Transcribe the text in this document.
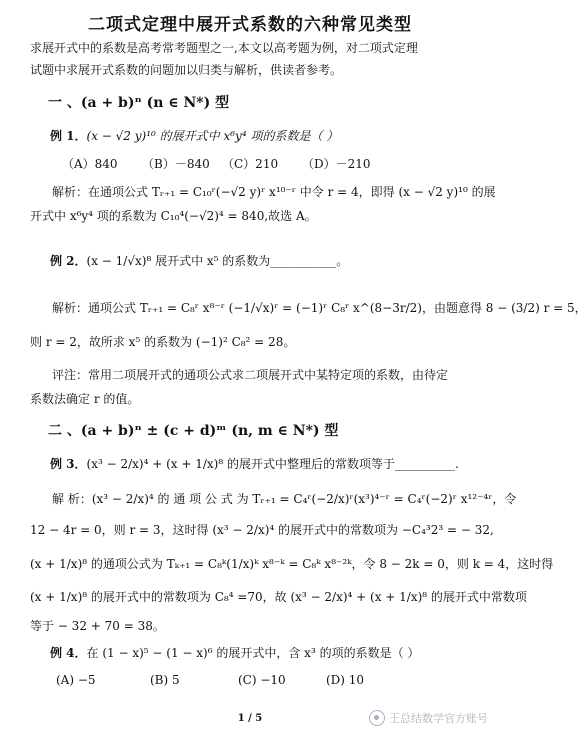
二项式定理中展开式系数的六种常见类型
求展开式中的系数是高考常考题型之一,本文以高考题为例，对二项式定理
试题中求展开式系数的问题加以归类与解析，供读者参考。
一 、(a + b)ⁿ (n ∈ N*) 型
例 1．(x − √2 y)¹⁰ 的展开式中 x⁶y⁴ 项的系数是（ ）
（A）840 （B）－840 （C）210 （D）－210
解析：在通项公式 Tᵣ₊₁ = C₁₀ʳ(−√2 y)ʳ x¹⁰⁻ʳ 中令 r = 4，即得 (x − √2 y)¹⁰ 的展
开式中 x⁶y⁴ 项的系数为 C₁₀⁴(−√2)⁴ = 840,故选 A。
例 2．(x − 1/√x)⁸ 展开式中 x⁵ 的系数为___________。
解析：通项公式 Tᵣ₊₁ = C₈ʳ x⁸⁻ʳ (−1/√x)ʳ = (−1)ʳ C₈ʳ x^(8−3r/2)，由题意得 8 − (3/2) r = 5，
则 r = 2，故所求 x⁵ 的系数为 (−1)² C₈² = 28。
评注：常用二项展开式的通项公式求二项展开式中某特定项的系数，由待定
系数法确定 r 的值。
二 、(a + b)ⁿ ± (c + d)ᵐ (n, m ∈ N*) 型
例 3．(x³ − 2/x)⁴ + (x + 1/x)⁸ 的展开式中整理后的常数项等于__________.
解 析：(x³ − 2/x)⁴ 的 通 项 公 式 为 Tᵣ₊₁ = C₄ʳ(−2/x)ʳ(x³)⁴⁻ʳ = C₄ʳ(−2)ʳ x¹²⁻⁴ʳ，令
12 − 4r = 0，则 r = 3，这时得 (x³ − 2/x)⁴ 的展开式中的常数项为 −C₄³2³ = − 32,
(x + 1/x)⁸ 的通项公式为 Tₖ₊₁ = C₈ᵏ(1/x)ᵏ x⁸⁻ᵏ = C₈ᵏ x⁸⁻²ᵏ，令 8 − 2k = 0，则 k = 4，这时得
(x + 1/x)⁸ 的展开式中的常数项为 C₈⁴ =70，故 (x³ − 2/x)⁴ + (x + 1/x)⁸ 的展开式中常数项
等于 − 32 + 70 = 38。
例 4．在 (1 − x)⁵ − (1 − x)⁶ 的展开式中，含 x³ 的项的系数是（ ）
(A) −5	(B) 5	(C) −10	(D) 10
1 / 5	王总结数学官方账号
